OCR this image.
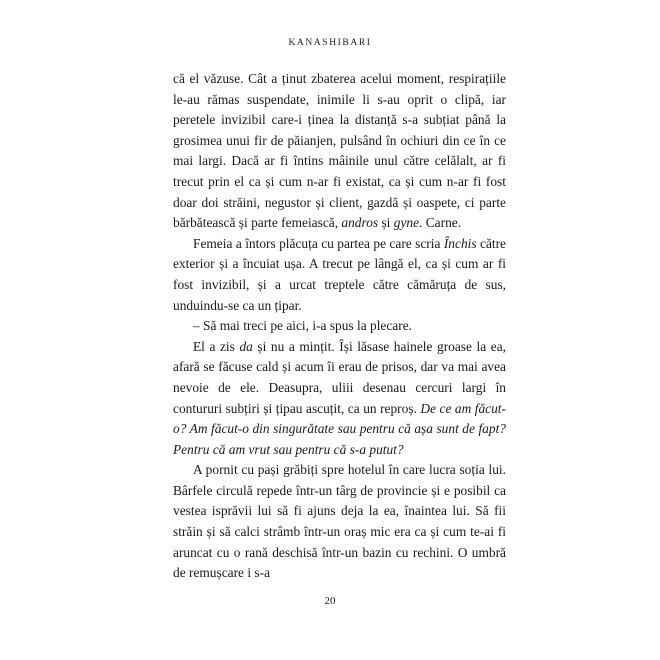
KANASHIBARI

că el văzuse. Cât a ținut zbaterea acelui moment, respirațiile le-au rămas suspendate, inimile li s-au oprit o clipă, iar peretele invizibil care-i ținea la distanță s-a subțiat până la grosimea unui fir de păianjen, pulsând în ochiuri din ce în ce mai largi. Dacă ar fi întins mâinile unul către celălalt, ar fi trecut prin el ca și cum n-ar fi existat, ca și cum n-ar fi fost doar doi străini, negustor și client, gazdă și oaspete, ci parte bărbătească și parte femeiască, andros și gyne. Carne.

Femeia a întors plăcuța cu partea pe care scria Închis către exterior și a încuiat ușa. A trecut pe lângă el, ca și cum ar fi fost invizibil, și a urcat treptele către cămăruța de sus, unduindu-se ca un țipar.

– Să mai treci pe aici, i-a spus la plecare.

El a zis da și nu a mințit. Își lăsase hainele groase la ea, afară se făcuse cald și acum îi erau de prisos, dar va mai avea nevoie de ele. Deasupra, uliii desenau cercuri largi în contururi subțiri și țipau ascuțit, ca un reproș. De ce am făcut-o? Am făcut-o din singurătate sau pentru că așa sunt de fapt? Pentru că am vrut sau pentru că s-a putut?

A pornit cu pași grăbiți spre hotelul în care lucra soția lui. Bârfele circulă repede într-un târg de provincie și e posibil ca vestea isprăvii lui să fi ajuns deja la ea, înaintea lui. Să fii străin și să calci strâmb într-un oraș mic era ca și cum te-ai fi aruncat cu o rană deschisă într-un bazin cu rechini. O umbră de remușcare i s-a

20
